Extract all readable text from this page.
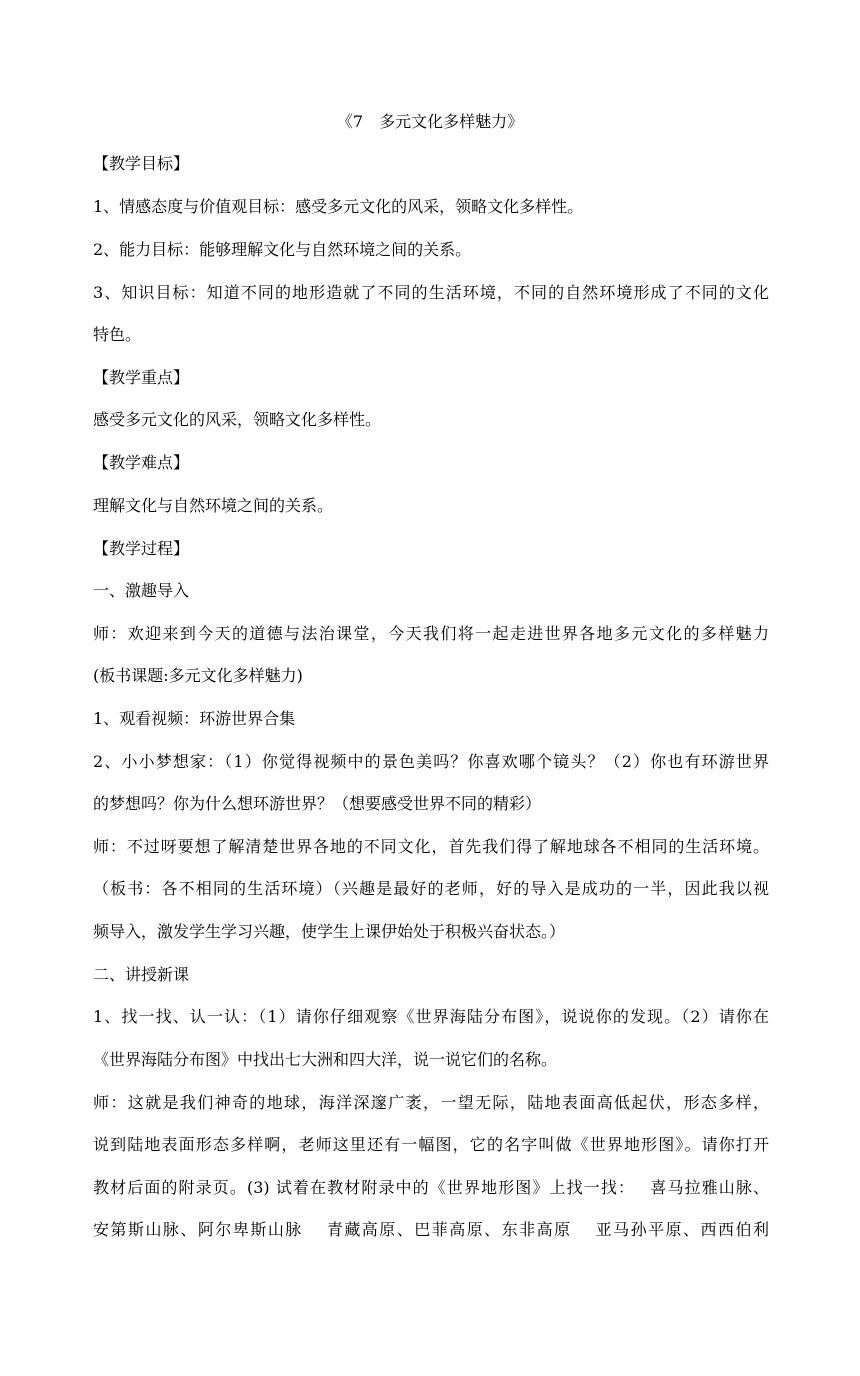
《7　多元文化多样魅力》
【教学目标】
1、情感态度与价值观目标：感受多元文化的风采，领略文化多样性。
2、能力目标：能够理解文化与自然环境之间的关系。
3、知识目标：知道不同的地形造就了不同的生活环境，不同的自然环境形成了不同的文化
特色。
【教学重点】
感受多元文化的风采，领略文化多样性。
【教学难点】
理解文化与自然环境之间的关系。
【教学过程】
一、激趣导入
师：欢迎来到今天的道德与法治课堂，今天我们将一起走进世界各地多元文化的多样魅力
(板书课题:多元文化多样魅力)
1、观看视频：环游世界合集
2、小小梦想家：（1）你觉得视频中的景色美吗？你喜欢哪个镜头？（2）你也有环游世界
的梦想吗？你为什么想环游世界？（想要感受世界不同的精彩）
师：不过呀要想了解清楚世界各地的不同文化，首先我们得了解地球各不相同的生活环境。
（板书：各不相同的生活环境）（兴趣是最好的老师，好的导入是成功的一半，因此我以视
频导入，激发学生学习兴趣，使学生上课伊始处于积极兴奋状态。）
二、讲授新课
1、找一找、认一认：（1）请你仔细观察《世界海陆分布图》，说说你的发现。（2）请你在
《世界海陆分布图》中找出七大洲和四大洋，说一说它们的名称。
师：这就是我们神奇的地球，海洋深邃广袤，一望无际，陆地表面高低起伏，形态多样，
说到陆地表面形态多样啊，老师这里还有一幅图，它的名字叫做《世界地形图》。请你打开
教材后面的附录页。(3) 试着在教材附录中的《世界地形图》上找一找：　 喜马拉雅山脉、
安第斯山脉、阿尔卑斯山脉　 青藏高原、巴菲高原、东非高原　 亚马孙平原、西西伯利
